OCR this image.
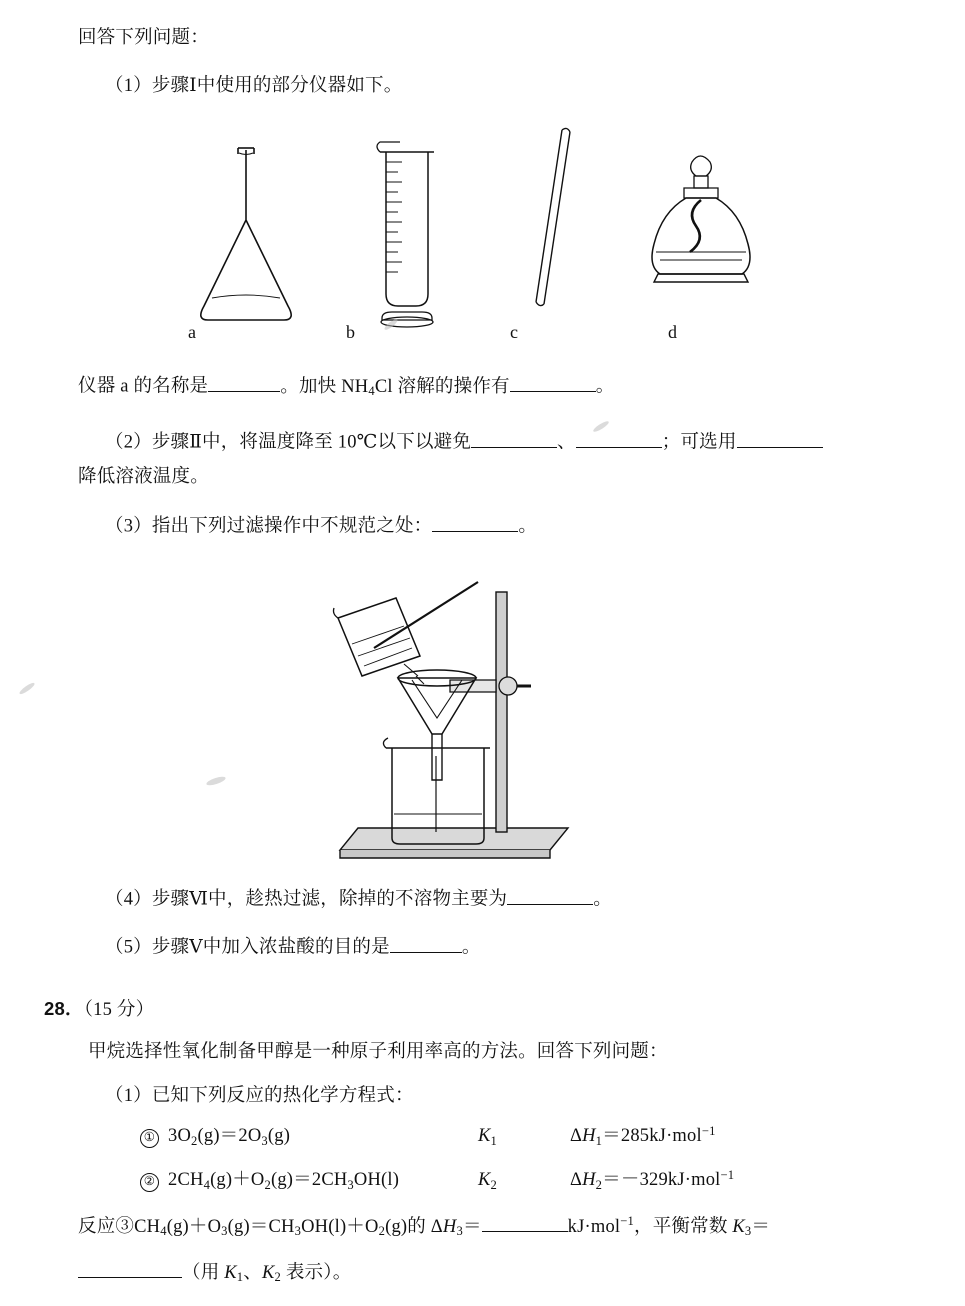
回答下列问题：
（1）步骤Ⅰ中使用的部分仪器如下。
a	b	c	d
仪器 a 的名称是	。加快 $NH_4Cl$ 溶解的操作有	。
（2）步骤Ⅱ中，将温度降至 10℃以下以避免	、	；可选用
降低溶液温度。
（3）指出下列过滤操作中不规范之处：	。
（4）步骤Ⅵ中，趁热过滤，除掉的不溶物主要为	。
（5）步骤Ⅴ中加入浓盐酸的目的是	。
28．（15 分）
甲烷选择性氧化制备甲醇是一种原子利用率高的方法。回答下列问题：
（1）已知下列反应的热化学方程式：
① $3O_2(g)=2O_3(g)$	$K_1$	$\Delta H_1=285kJ\cdot mol^{-1}$
② $2CH_4(g)+O_2(g)=2CH_3OH(l)$	$K_2$	$\Delta H_2=-329kJ\cdot mol^{-1}$
反应$③CH_4(g)+O_3(g)=CH_3OH(l)+O_2(g)$的 $\Delta H_3=$	kJ·mol$^{-1}$，平衡常数 $K_3=$
（用 $K_1$、$K_2$ 表示）。
